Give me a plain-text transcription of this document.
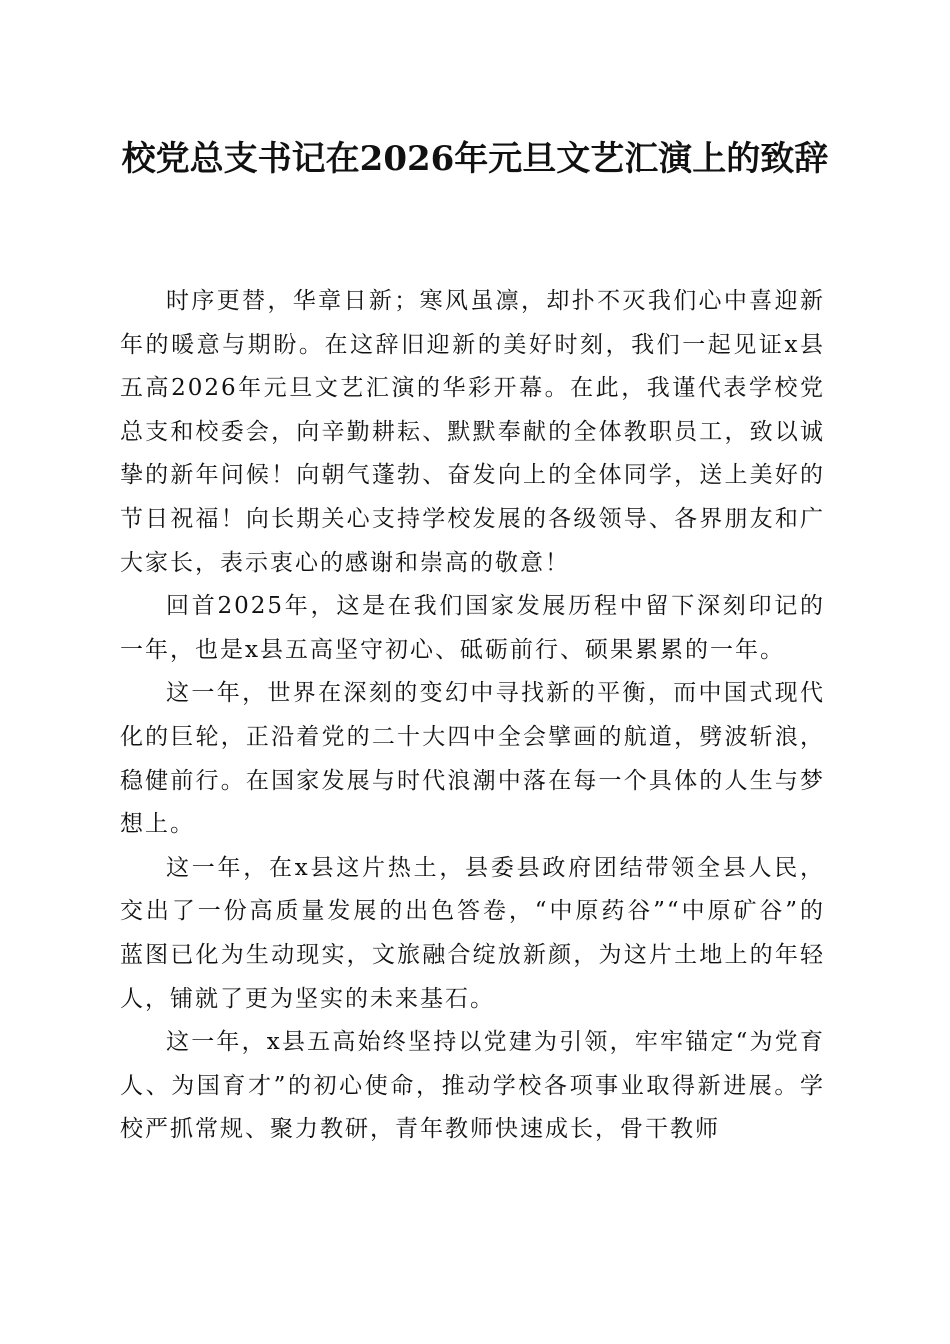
校党总支书记在2026年元旦文艺汇演上的致辞

时序更替，华章日新；寒风虽凛，却扑不灭我们心中喜迎新年的暖意与期盼。在这辞旧迎新的美好时刻，我们一起见证x县五高2026年元旦文艺汇演的华彩开幕。在此，我谨代表学校党总支和校委会，向辛勤耕耘、默默奉献的全体教职员工，致以诚挚的新年问候！向朝气蓬勃、奋发向上的全体同学，送上美好的节日祝福！向长期关心支持学校发展的各级领导、各界朋友和广大家长，表示衷心的感谢和崇高的敬意！

回首2025年，这是在我们国家发展历程中留下深刻印记的一年，也是x县五高坚守初心、砥砺前行、硕果累累的一年。

这一年，世界在深刻的变幻中寻找新的平衡，而中国式现代化的巨轮，正沿着党的二十大四中全会擘画的航道，劈波斩浪，稳健前行。在国家发展与时代浪潮中落在每一个具体的人生与梦想上。

这一年，在x县这片热土，县委县政府团结带领全县人民，交出了一份高质量发展的出色答卷，“中原药谷”“中原矿谷”的蓝图已化为生动现实，文旅融合绽放新颜，为这片土地上的年轻人，铺就了更为坚实的未来基石。

这一年，x县五高始终坚持以党建为引领，牢牢锚定“为党育人、为国育才”的初心使命，推动学校各项事业取得新进展。学校严抓常规、聚力教研，青年教师快速成长，骨干教师
